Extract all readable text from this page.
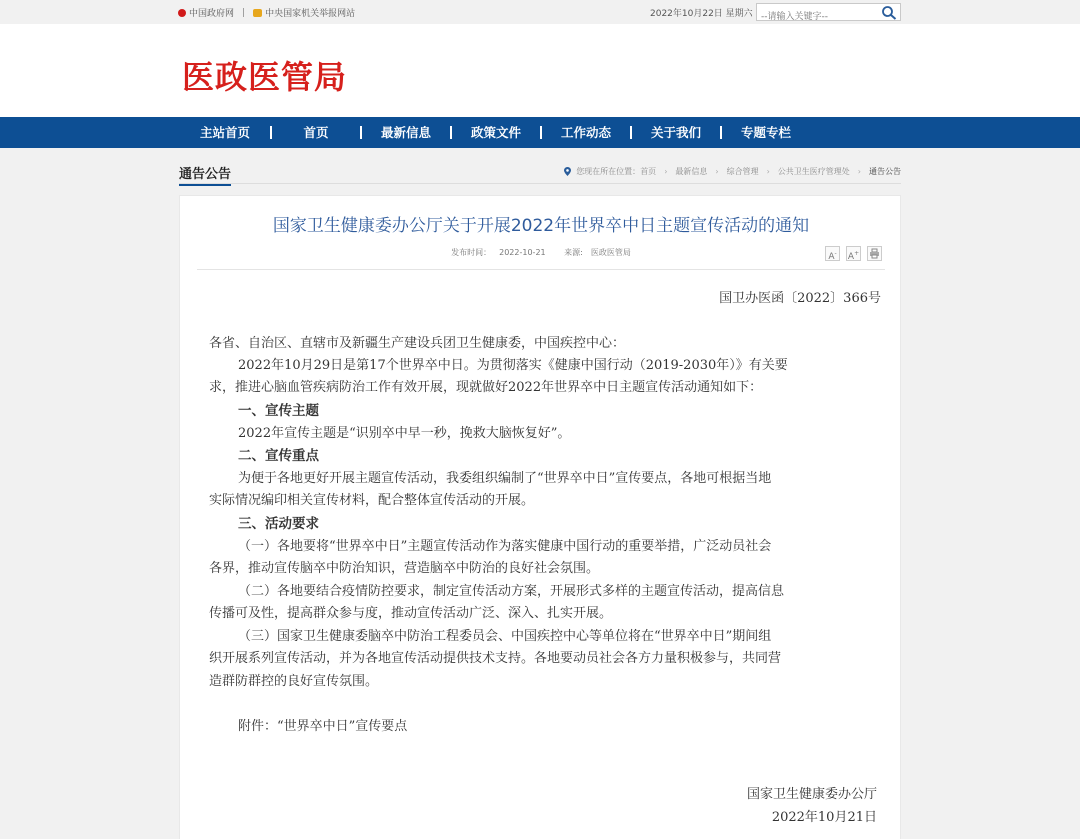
中国政府网 | 中央国家机关举报网站	2022年10月22日 星期六
--请输入关键字--
医政医管局
主站首页	首页	最新信息	政策文件	工作动态	关于我们	专题专栏
通告公告	您现在所在位置： 首页 › 最新信息 › 综合管理 › 公共卫生医疗管理处 › 通告公告
国家卫生健康委办公厅关于开展2022年世界卒中日主题宣传活动的通知
发布时间： 2022-10-21 来源: 医政医管局	A-	A+
国卫办医函〔2022〕366号
各省、自治区、直辖市及新疆生产建设兵团卫生健康委，中国疾控中心：
2022年10月29日是第17个世界卒中日。为贯彻落实《健康中国行动（2019-2030年）》有关要
求，推进心脑血管疾病防治工作有效开展，现就做好2022年世界卒中日主题宣传活动通知如下：
一、宣传主题
2022年宣传主题是“识别卒中早一秒，挽救大脑恢复好”。
二、宣传重点
为便于各地更好开展主题宣传活动，我委组织编制了“世界卒中日”宣传要点，各地可根据当地
实际情况编印相关宣传材料，配合整体宣传活动的开展。
三、活动要求
（一）各地要将“世界卒中日”主题宣传活动作为落实健康中国行动的重要举措，广泛动员社会
各界，推动宣传脑卒中防治知识，营造脑卒中防治的良好社会氛围。
（二）各地要结合疫情防控要求，制定宣传活动方案，开展形式多样的主题宣传活动，提高信息
传播可及性，提高群众参与度，推动宣传活动广泛、深入、扎实开展。
（三）国家卫生健康委脑卒中防治工程委员会、中国疾控中心等单位将在“世界卒中日”期间组
织开展系列宣传活动，并为各地宣传活动提供技术支持。各地要动员社会各方力量积极参与，共同营
造群防群控的良好宣传氛围。
附件：“世界卒中日”宣传要点
国家卫生健康委办公厅
2022年10月21日
